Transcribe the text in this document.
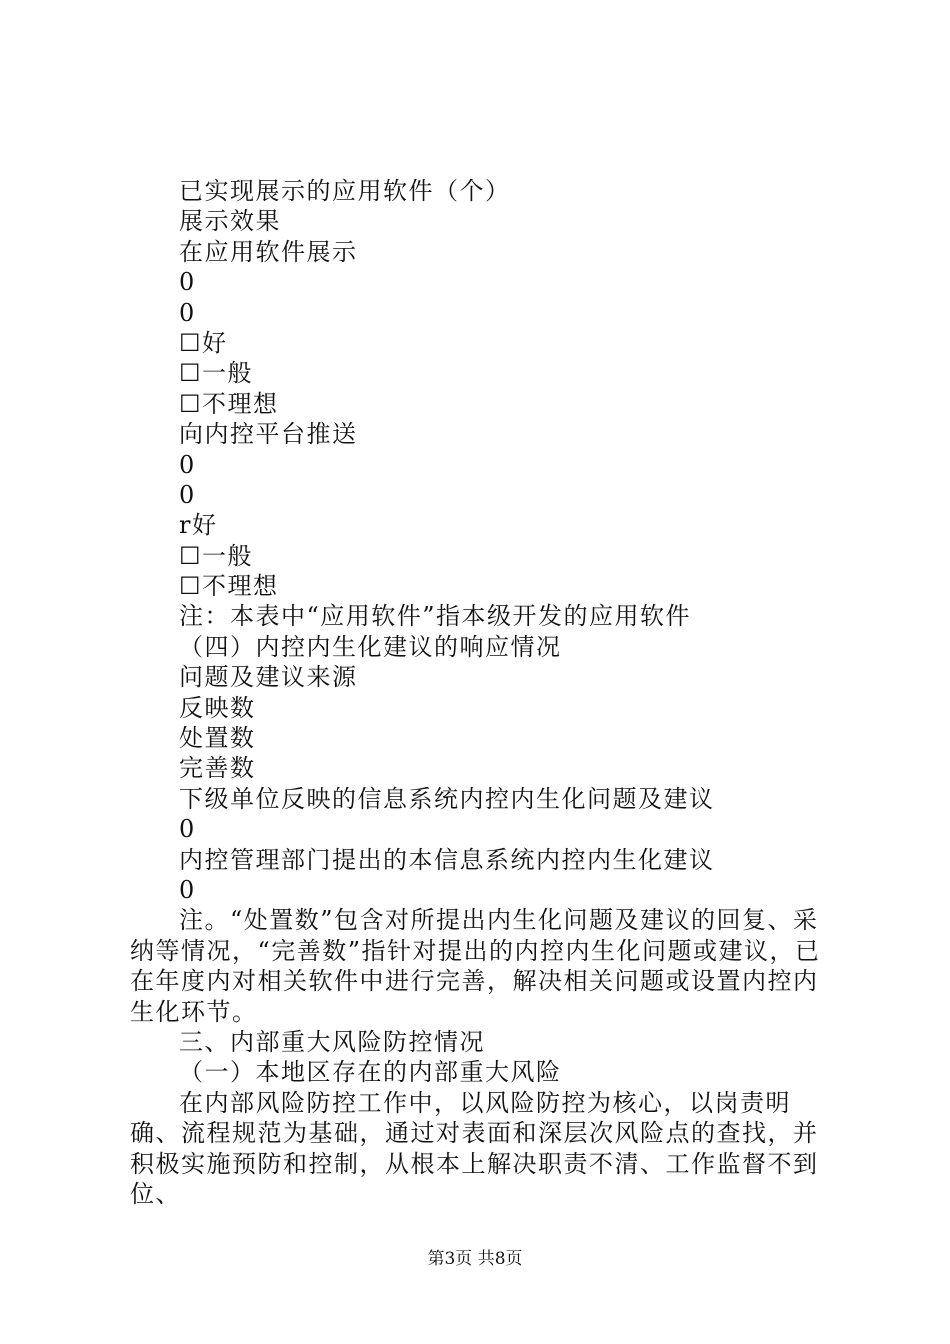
已实现展示的应用软件（个）
展示效果
在应用软件展示
0
0
☐好
☐一般
☐不理想
向内控平台推送
0
0
r好
☐一般
☐不理想
注：本表中“应用软件”指本级开发的应用软件
（四）内控内生化建议的响应情况
问题及建议来源
反映数
处置数
完善数
下级单位反映的信息系统内控内生化问题及建议
0
内控管理部门提出的本信息系统内控内生化建议
0
注。“处置数”包含对所提出内生化问题及建议的回复、采纳等情况，“完善数”指针对提出的内控内生化问题或建议，已在年度内对相关软件中进行完善，解决相关问题或设置内控内生化环节。
三、内部重大风险防控情况
（一）本地区存在的内部重大风险
在内部风险防控工作中，以风险防控为核心，以岗责明确、流程规范为基础，通过对表面和深层次风险点的查找，并积极实施预防和控制，从根本上解决职责不清、工作监督不到位、
第3页 共8页
